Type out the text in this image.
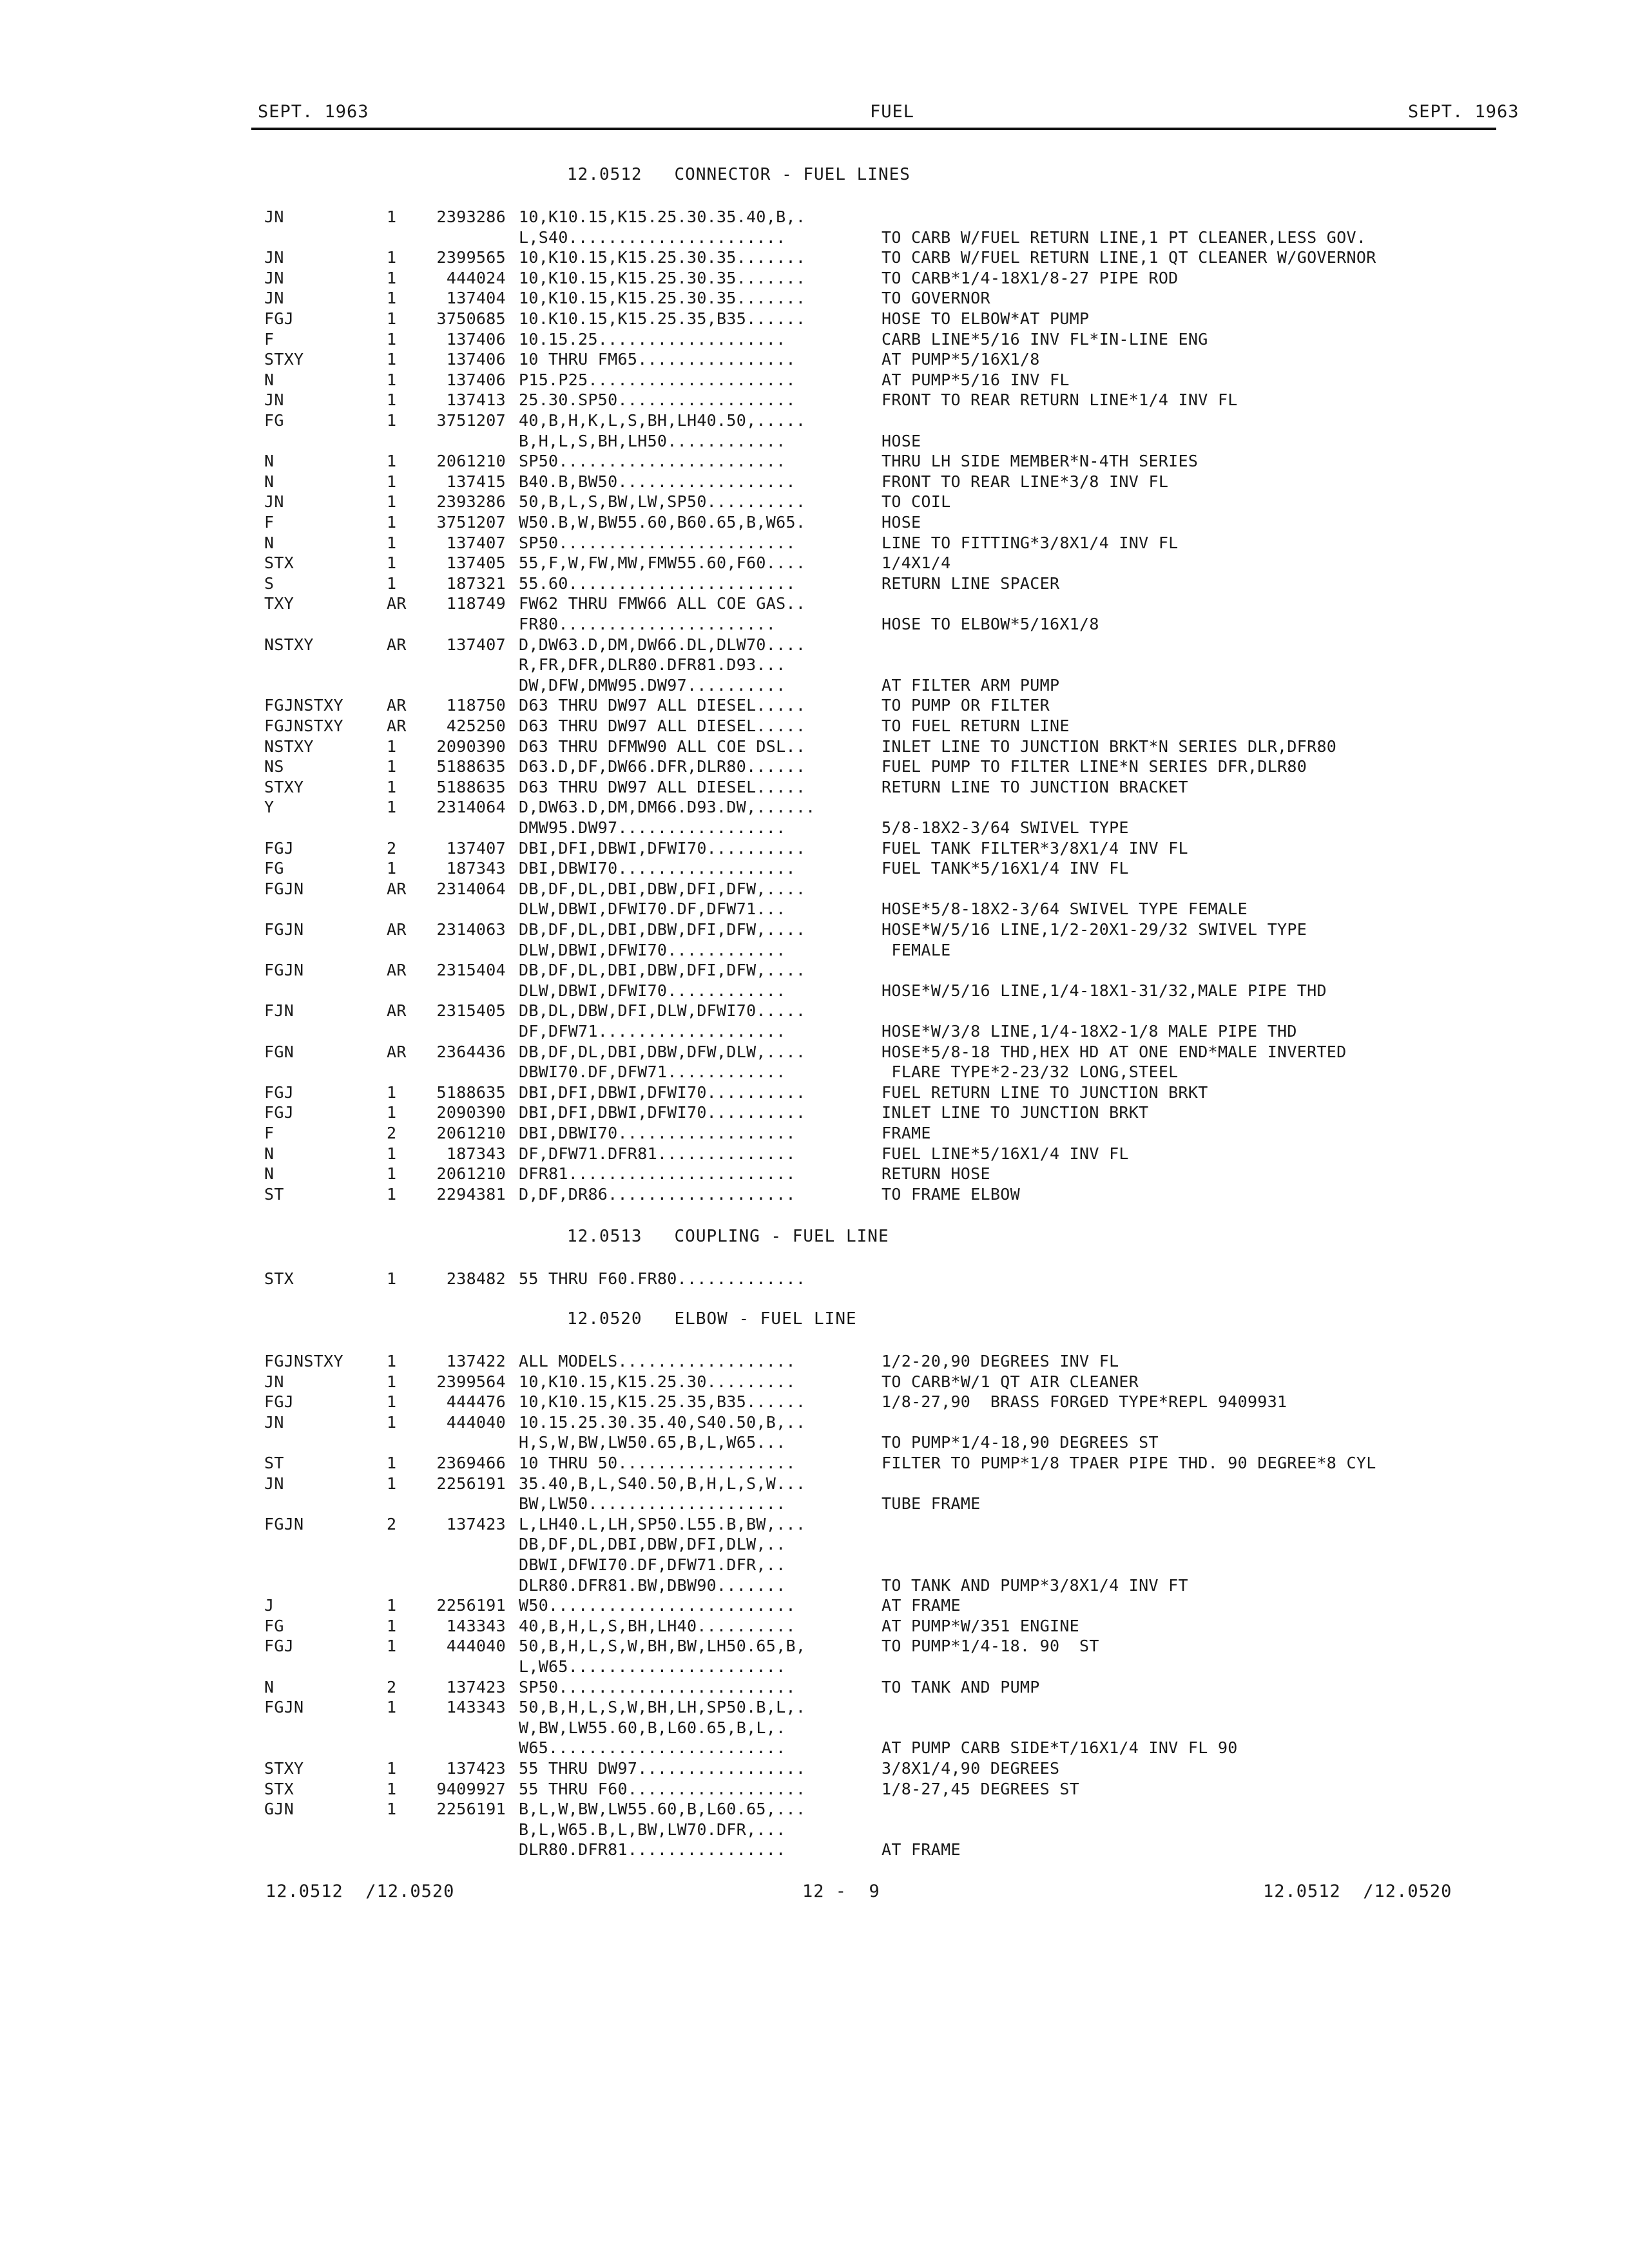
SEPT. 1963	FUEL	SEPT. 1963
12.0512   CONNECTOR - FUEL LINES
JN	1	2393286 10,K10.15,K15.25.30.35.40,B,.
L,S40......................	TO CARB W/FUEL RETURN LINE,1 PT CLEANER,LESS GOV.
JN	1	2399565 10,K10.15,K15.25.30.35.......	TO CARB W/FUEL RETURN LINE,1 QT CLEANER W/GOVERNOR
JN	1	444024 10,K10.15,K15.25.30.35.......	TO CARB*1/4-18X1/8-27 PIPE ROD
JN	1	137404 10,K10.15,K15.25.30.35.......	TO GOVERNOR
FGJ	1	3750685 10.K10.15,K15.25.35,B35......	HOSE TO ELBOW*AT PUMP
F	1	137406 10.15.25...................	CARB LINE*5/16 INV FL*IN-LINE ENG
STXY	1	137406 10 THRU FM65................	AT PUMP*5/16X1/8
N	1	137406 P15.P25.....................	AT PUMP*5/16 INV FL
JN	1	137413 25.30.SP50..................	FRONT TO REAR RETURN LINE*1/4 INV FL
FG	1	3751207 40,B,H,K,L,S,BH,LH40.50,.....
B,H,L,S,BH,LH50............	HOSE
N	1	2061210 SP50.......................	THRU LH SIDE MEMBER*N-4TH SERIES
N	1	137415 B40.B,BW50..................	FRONT TO REAR LINE*3/8 INV FL
JN	1	2393286 50,B,L,S,BW,LW,SP50..........	TO COIL
F	1	3751207 W50.B,W,BW55.60,B60.65,B,W65.	HOSE
N	1	137407 SP50........................	LINE TO FITTING*3/8X1/4 INV FL
STX	1	137405 55,F,W,FW,MW,FMW55.60,F60....	1/4X1/4
S	1	187321 55.60.......................	RETURN LINE SPACER
TXY	AR	118749 FW62 THRU FMW66 ALL COE GAS..
FR80......................	HOSE TO ELBOW*5/16X1/8
NSTXY	AR	137407 D,DW63.D,DM,DW66.DL,DLW70....
R,FR,DFR,DLR80.DFR81.D93...
DW,DFW,DMW95.DW97..........	AT FILTER ARM PUMP
FGJNSTXY	AR	118750 D63 THRU DW97 ALL DIESEL.....	TO PUMP OR FILTER
FGJNSTXY	AR	425250 D63 THRU DW97 ALL DIESEL.....	TO FUEL RETURN LINE
NSTXY	1	2090390 D63 THRU DFMW90 ALL COE DSL..	INLET LINE TO JUNCTION BRKT*N SERIES DLR,DFR80
NS	1	5188635 D63.D,DF,DW66.DFR,DLR80......	FUEL PUMP TO FILTER LINE*N SERIES DFR,DLR80
STXY	1	5188635 D63 THRU DW97 ALL DIESEL.....	RETURN LINE TO JUNCTION BRACKET
Y	1	2314064 D,DW63.D,DM,DM66.D93.DW,......
DMW95.DW97.................	5/8-18X2-3/64 SWIVEL TYPE
FGJ	2	137407 DBI,DFI,DBWI,DFWI70..........	FUEL TANK FILTER*3/8X1/4 INV FL
FG	1	187343 DBI,DBWI70..................	FUEL TANK*5/16X1/4 INV FL
FGJN	AR	2314064 DB,DF,DL,DBI,DBW,DFI,DFW,....
DLW,DBWI,DFWI70.DF,DFW71...	HOSE*5/8-18X2-3/64 SWIVEL TYPE FEMALE
FGJN	AR	2314063 DB,DF,DL,DBI,DBW,DFI,DFW,....	HOSE*W/5/16 LINE,1/2-20X1-29/32 SWIVEL TYPE
DLW,DBWI,DFWI70............	FEMALE
FGJN	AR	2315404 DB,DF,DL,DBI,DBW,DFI,DFW,....
DLW,DBWI,DFWI70............	HOSE*W/5/16 LINE,1/4-18X1-31/32,MALE PIPE THD
FJN	AR	2315405 DB,DL,DBW,DFI,DLW,DFWI70.....
DF,DFW71...................	HOSE*W/3/8 LINE,1/4-18X2-1/8 MALE PIPE THD
FGN	AR	2364436 DB,DF,DL,DBI,DBW,DFW,DLW,....	HOSE*5/8-18 THD,HEX HD AT ONE END*MALE INVERTED
DBWI70.DF,DFW71............	FLARE TYPE*2-23/32 LONG,STEEL
FGJ	1	5188635 DBI,DFI,DBWI,DFWI70..........	FUEL RETURN LINE TO JUNCTION BRKT
FGJ	1	2090390 DBI,DFI,DBWI,DFWI70..........	INLET LINE TO JUNCTION BRKT
F	2	2061210 DBI,DBWI70..................	FRAME
N	1	187343 DF,DFW71.DFR81..............	FUEL LINE*5/16X1/4 INV FL
N	1	2061210 DFR81.......................	RETURN HOSE
ST	1	2294381 D,DF,DR86...................	TO FRAME ELBOW
12.0513   COUPLING - FUEL LINE
STX	1	238482 55 THRU F60.FR80.............
12.0520   ELBOW - FUEL LINE
FGJNSTXY	1	137422 ALL MODELS..................	1/2-20,90 DEGREES INV FL
JN	1	2399564 10,K10.15,K15.25.30.........	TO CARB*W/1 QT AIR CLEANER
FGJ	1	444476 10,K10.15,K15.25.35,B35......	1/8-27,90  BRASS FORGED TYPE*REPL 9409931
JN	1	444040 10.15.25.30.35.40,S40.50,B,..
H,S,W,BW,LW50.65,B,L,W65...	TO PUMP*1/4-18,90 DEGREES ST
ST	1	2369466 10 THRU 50..................	FILTER TO PUMP*1/8 TPAER PIPE THD. 90 DEGREE*8 CYL
JN	1	2256191 35.40,B,L,S40.50,B,H,L,S,W...
BW,LW50....................	TUBE FRAME
FGJN	2	137423 L,LH40.L,LH,SP50.L55.B,BW,...
DB,DF,DL,DBI,DBW,DFI,DLW,..
DBWI,DFWI70.DF,DFW71.DFR,..
DLR80.DFR81.BW,DBW90.......	TO TANK AND PUMP*3/8X1/4 INV FT
J	1	2256191 W50.........................	AT FRAME
FG	1	143343 40,B,H,L,S,BH,LH40..........	AT PUMP*W/351 ENGINE
FGJ	1	444040 50,B,H,L,S,W,BH,BW,LH50.65,B,	TO PUMP*1/4-18. 90  ST
L,W65......................
N	2	137423 SP50........................	TO TANK AND PUMP
FGJN	1	143343 50,B,H,L,S,W,BH,LH,SP50.B,L,.
W,BW,LW55.60,B,L60.65,B,L,.
W65........................	AT PUMP CARB SIDE*T/16X1/4 INV FL 90
STXY	1	137423 55 THRU DW97.................	3/8X1/4,90 DEGREES
STX	1	9409927 55 THRU F60..................	1/8-27,45 DEGREES ST
GJN	1	2256191 B,L,W,BW,LW55.60,B,L60.65,...
B,L,W65.B,L,BW,LW70.DFR,...
DLR80.DFR81................	AT FRAME
12.0512  /12.0520	12 -  9	12.0512  /12.0520
